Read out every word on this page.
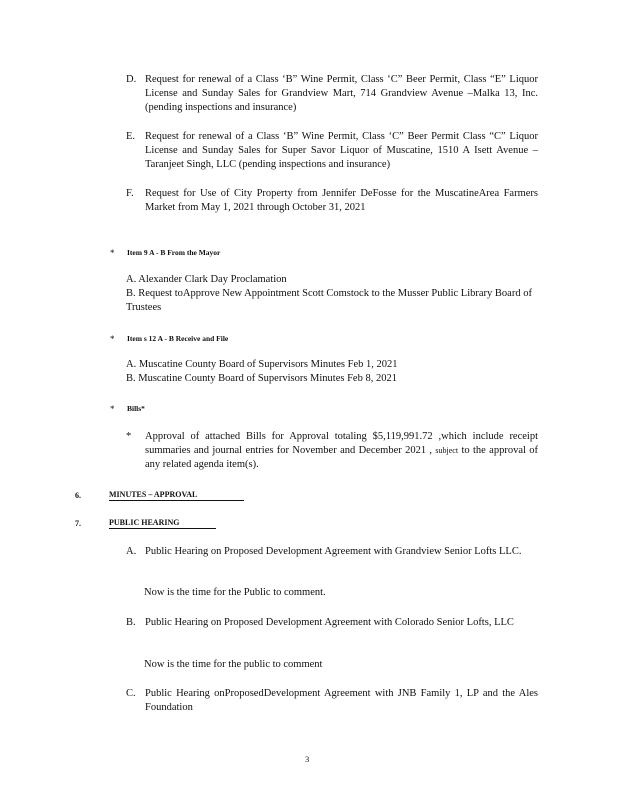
D. Request for renewal of a Class ‘B” Wine Permit, Class ‘C” Beer Permit, Class “E” Liquor License and Sunday Sales for Grandview Mart, 714 Grandview Avenue –Malka 13, Inc. (pending inspections and insurance)
E. Request for renewal of a Class ‘B” Wine Permit, Class ‘C” Beer Permit Class “C” Liquor License and Sunday Sales for Super Savor Liquor of Muscatine, 1510 A Isett Avenue –Taranjeet Singh, LLC (pending inspections and insurance)
F. Request for Use of City Property from Jennifer DeFosse for the MuscatineArea Farmers Market from May 1, 2021 through October 31, 2021
* Item 9 A - B From the Mayor
A. Alexander Clark Day Proclamation
B. Request toApprove New Appointment Scott Comstock to the Musser Public Library Board of Trustees
* Item s 12 A - B Receive and File
A. Muscatine County Board of Supervisors Minutes Feb 1, 2021
B. Muscatine County Board of Supervisors Minutes Feb 8, 2021
* Bills*
* Approval of attached Bills for Approval totaling $5,119,991.72 ,which include receipt summaries and journal entries for November and December 2021 , subject to the approval of any related agenda item(s).
6.	MINUTES – APPROVAL
7.	PUBLIC HEARING
A. Public Hearing on Proposed Development Agreement with Grandview Senior Lofts LLC.
Now is the time for the Public to comment.
B. Public Hearing on Proposed Development Agreement with Colorado Senior Lofts, LLC
Now is the time for the public to comment
C. Public Hearing onProposedDevelopment Agreement with JNB Family 1, LP and the Ales Foundation
3
